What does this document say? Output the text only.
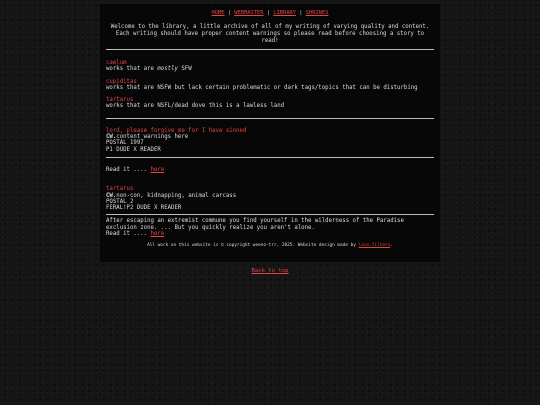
HOME | WEBMASTER | LIBRARY | SHRINES
Welcome to the library, a little archive of all of my writing of varying quality and content. Each writing should have proper content warnings so please read before choosing a story to read!
caelum
works that are mostly SFW
cupiditas
works that are NSFW but lack certain problematic or dark tags/topics that can be disturbing
tartarus
works that are NSFL/dead dove this is a lawless land
lord, please forgive me for I have sinned
CW.content warnings here
POSTAL 1997
P1 DUDE X READER
Read it .... here
tartarus
CW.non-con, kidnapping, animal carcass
POSTAL 2
FERAL!P2 DUDE X READER
After escaping an extremist commune you find yourself in the wilderness of the Paradise exclusion zone. ... But you quickly realize you aren't alone.
Read it .... here
All work on this website is © copyright weeno-trr, 2025. Website design made by lace.filters.
Back to top
